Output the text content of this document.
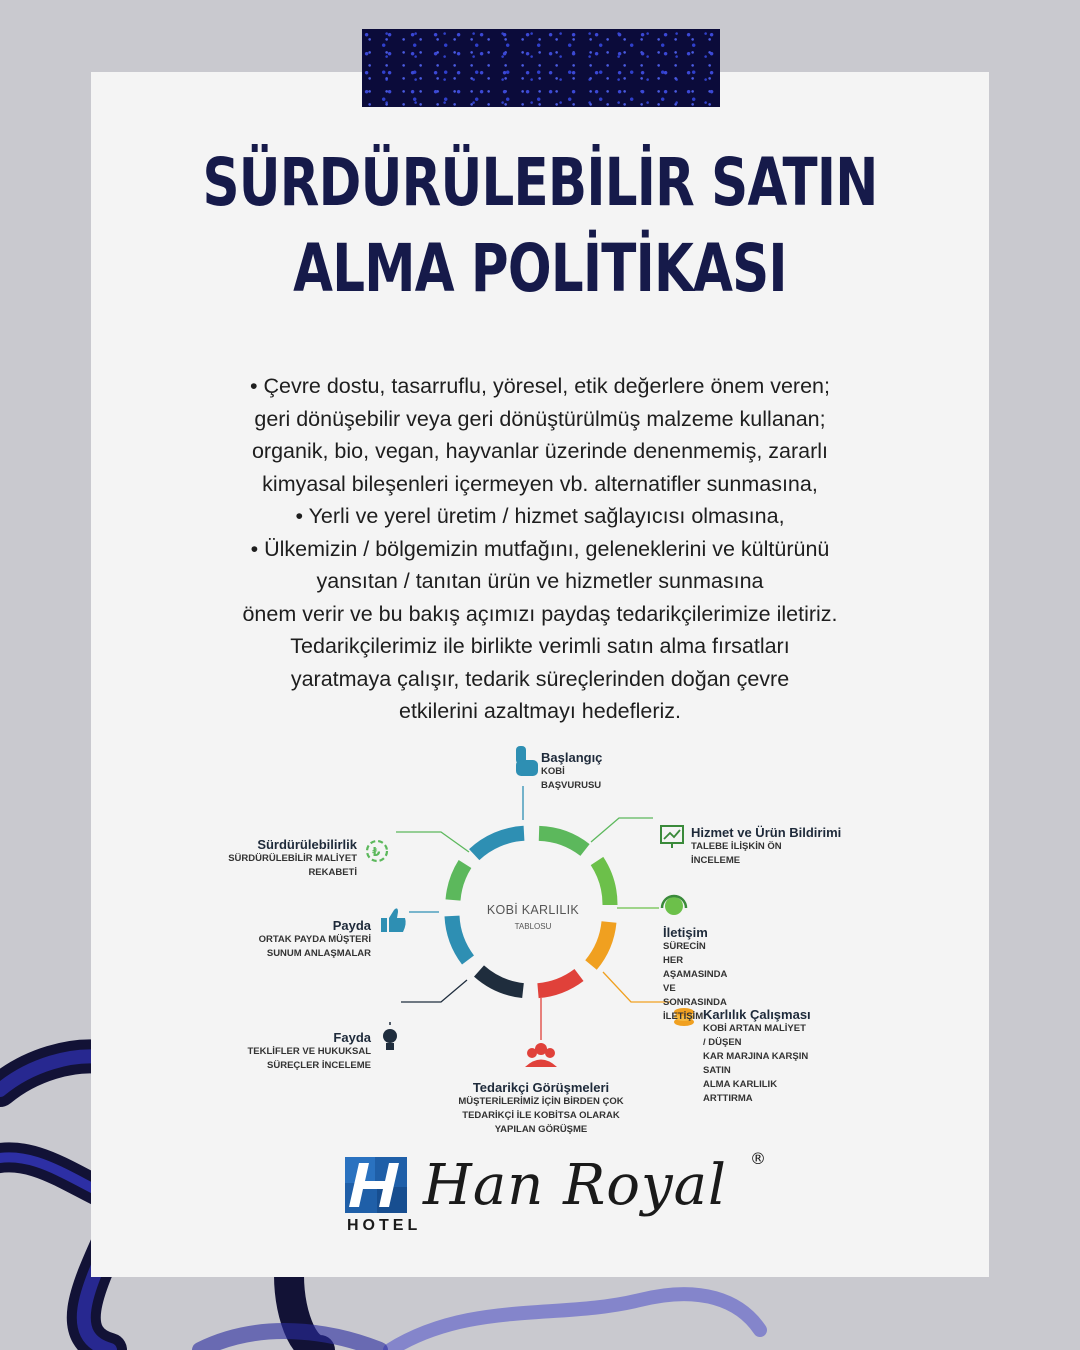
SÜRDÜRÜLEBİLİR SATIN
ALMA POLİTİKASI
• Çevre dostu, tasarruflu, yöresel, etik değerlere önem veren;
geri dönüşebilir veya geri dönüştürülmüş malzeme kullanan;
organik, bio, vegan, hayvanlar üzerinde denenmemiş, zararlı
kimyasal bileşenleri içermeyen vb. alternatifler sunmasına,
• Yerli ve yerel üretim / hizmet sağlayıcısı olmasına,
• Ülkemizin / bölgemizin mutfağını, geleneklerini ve kültürünü
yansıtan / tanıtan ürün ve hizmetler sunmasına
önem verir ve bu bakış açımızı paydaş tedarikçilerimize iletiriz.
Tedarikçilerimiz ile birlikte verimli satın alma fırsatları
yaratmaya çalışır, tedarik süreçlerinden doğan çevre
etkilerini azaltmayı hedefleriz.
₺
KOBİ KARLILIK
TABLOSU
Başlangıç
KOBİ BAŞVURUSU
Hizmet ve Ürün Bildirimi
TALEBE İLİŞKİN ÖN
İNCELEME
İletişim
SÜRECİN HER AŞAMASINDA VE
SONRASINDA İLETİŞİM Karlılık Çalışması
KOBİ ARTAN MALİYET / DÜŞEN
KAR MARJINA KARŞIN SATIN
ALMA KARLILIK ARTTIRMA
Tedarikçi Görüşmeleri
MÜŞTERİLERİMİZ İÇİN BİRDEN ÇOK
TEDARİKÇİ İLE KOBİTSA OLARAK
YAPILAN GÖRÜŞME
Fayda
TEKLİFLER VE HUKUKSAL
SÜREÇLER İNCELEME
Payda
ORTAK PAYDA MÜŞTERİ
SUNUM ANLAŞMALAR
Sürdürülebilirlik
SÜRDÜRÜLEBİLİR MALİYET
REKABETİ
HOTEL
Han Royal ®
